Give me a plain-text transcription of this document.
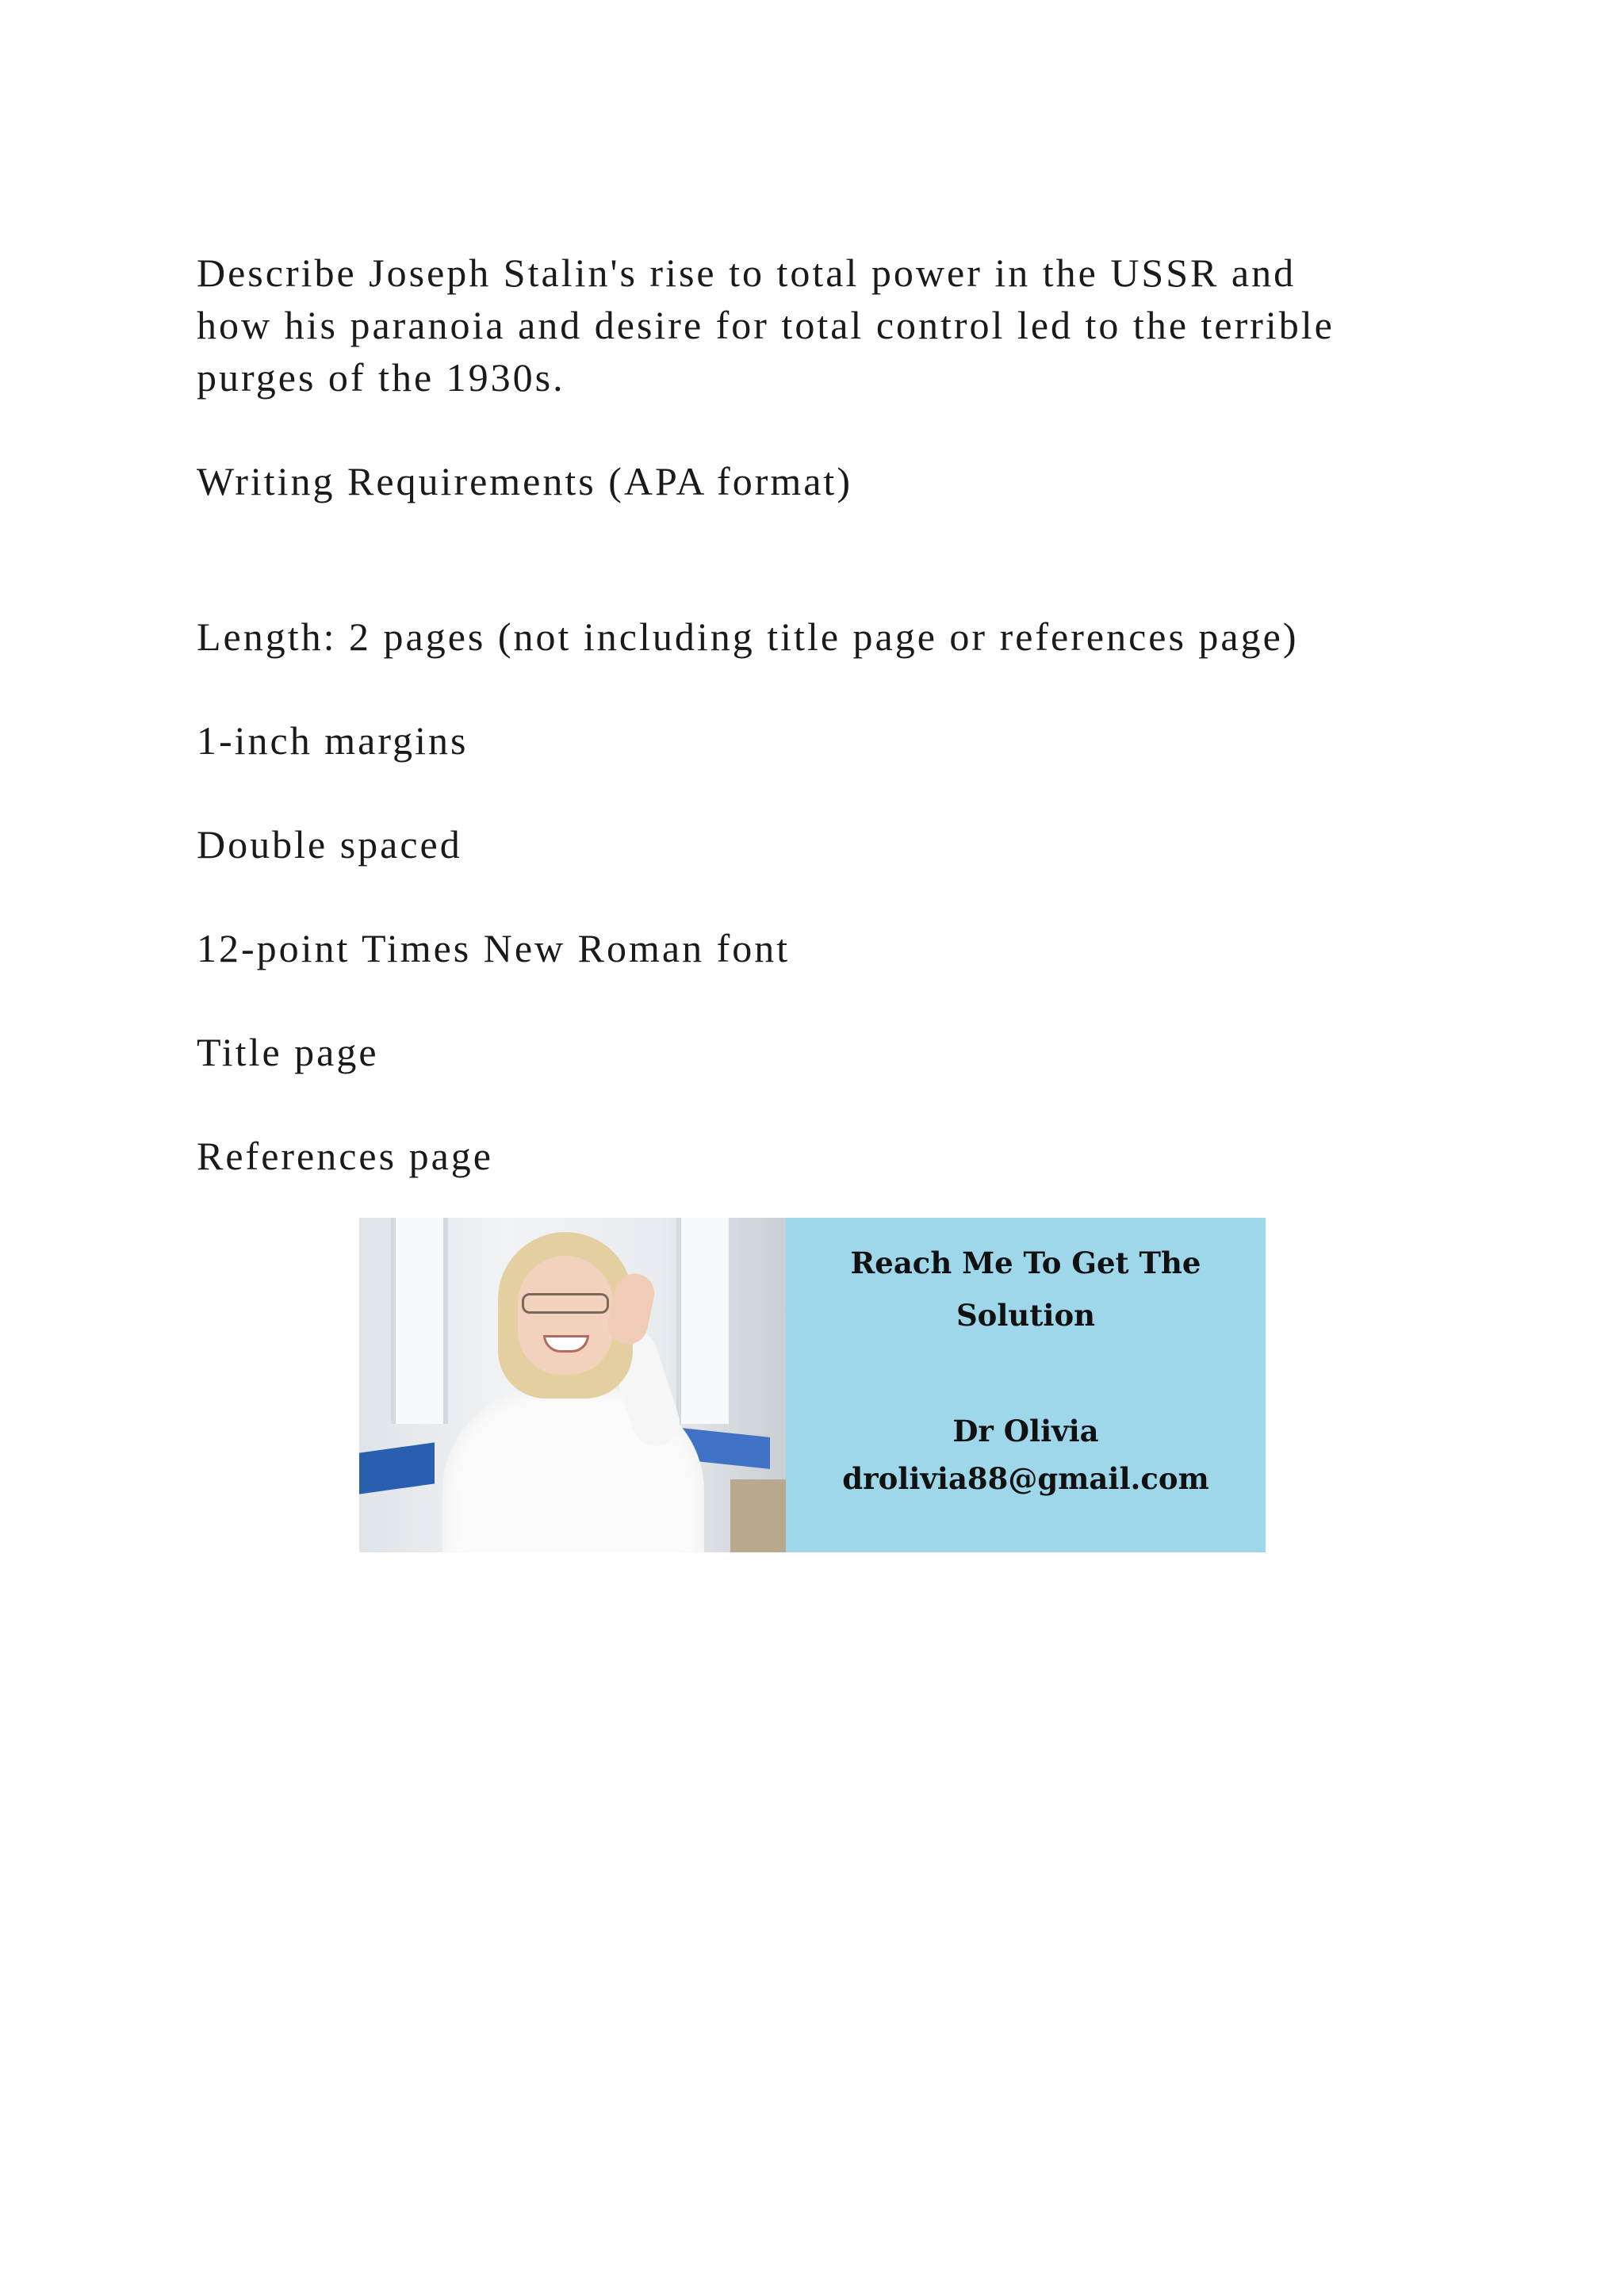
Describe Joseph Stalin's rise to total power in the USSR and
how his paranoia and desire for total control led to the terrible
purges of the 1930s.

Writing Requirements (APA format)

Length: 2 pages (not including title page or references page)

1-inch margins

Double spaced

12-point Times New Roman font

Title page

References page

Reach Me To Get The
Solution
Dr Olivia
drolivia88@gmail.com
